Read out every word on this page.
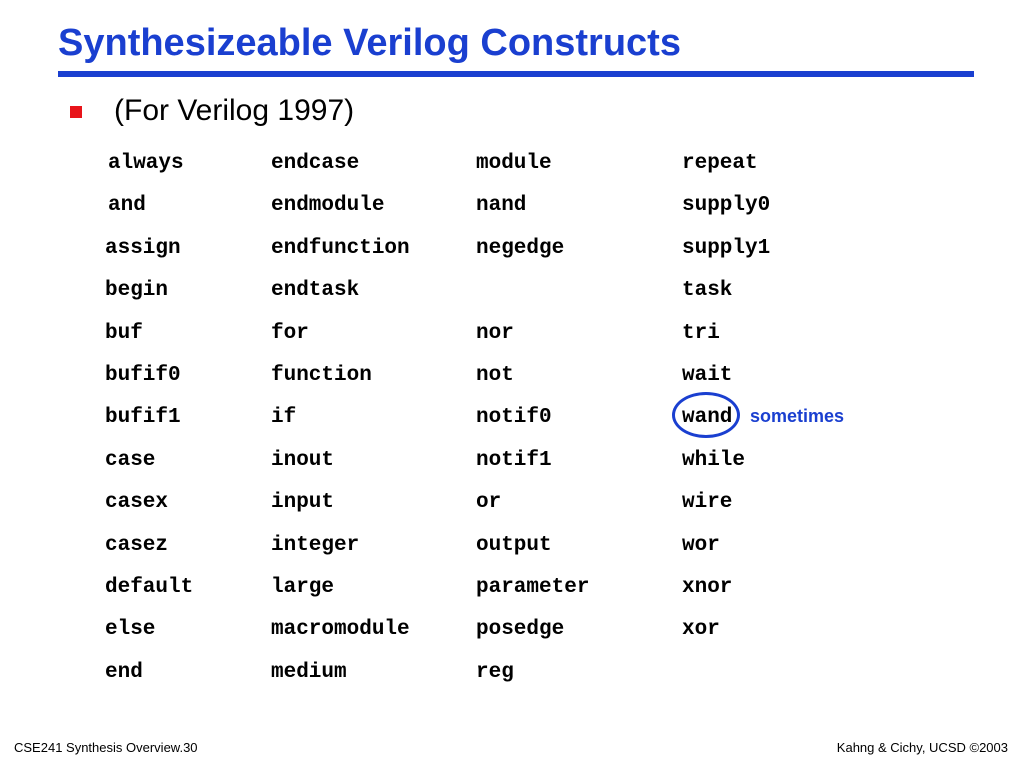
Synthesizeable Verilog Constructs
(For Verilog 1997)
always
and
assign
begin
buf
bufif0
bufif1
case
casex
casez
default
else
end
endcase
endmodule
endfunction
endtask
for
function
if
inout
input
integer
large
macromodule
medium
module
nand
negedge
nor
not
notif0
notif1
or
output
parameter
posedge
reg
repeat
supply0
supply1
task
tri
wait
wand
while
wire
wor
xnor
xor
sometimes
CSE241 Synthesis Overview.30	Kahng & Cichy, UCSD ©2003
